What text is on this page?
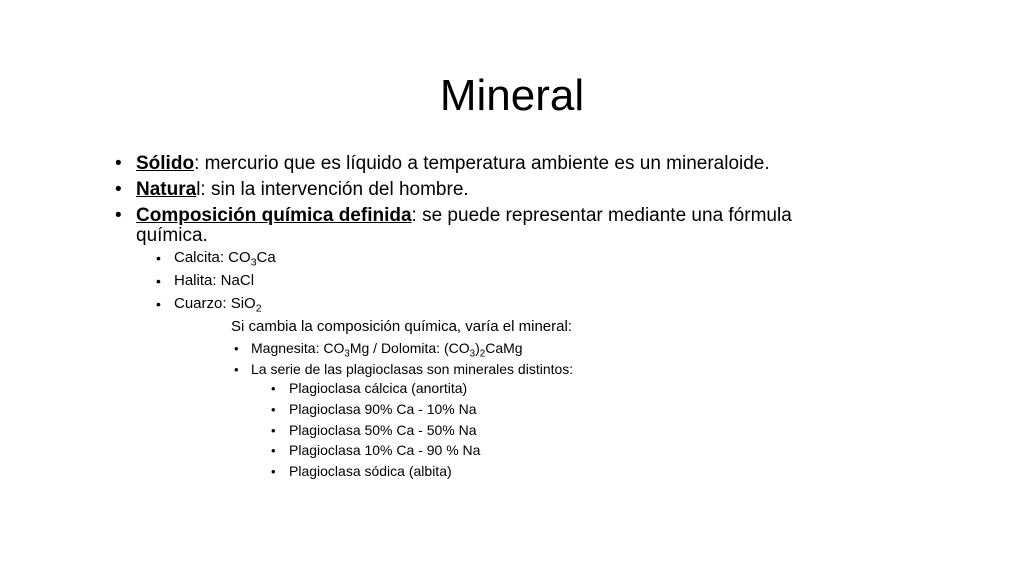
Mineral
• Sólido: mercurio que es líquido a temperatura ambiente es un mineraloide.
• Natural: sin la intervención del hombre.
• Composición química definida: se puede representar mediante una fórmula
química.
• Calcita: $CO_3Ca$
• Halita: NaCl
• Cuarzo: SiO$_2$
Si cambia la composición química, varía el mineral:
• Magnesita: $CO_3Mg$ / Dolomita: $(CO_3)_2CaMg$
• La serie de las plagioclasas son minerales distintos:
• Plagioclasa cálcica (anortita)
• Plagioclasa 90% Ca - 10% Na
• Plagioclasa 50% Ca - 50% Na
• Plagioclasa 10% Ca - 90 % Na
• Plagioclasa sódica (albita)
